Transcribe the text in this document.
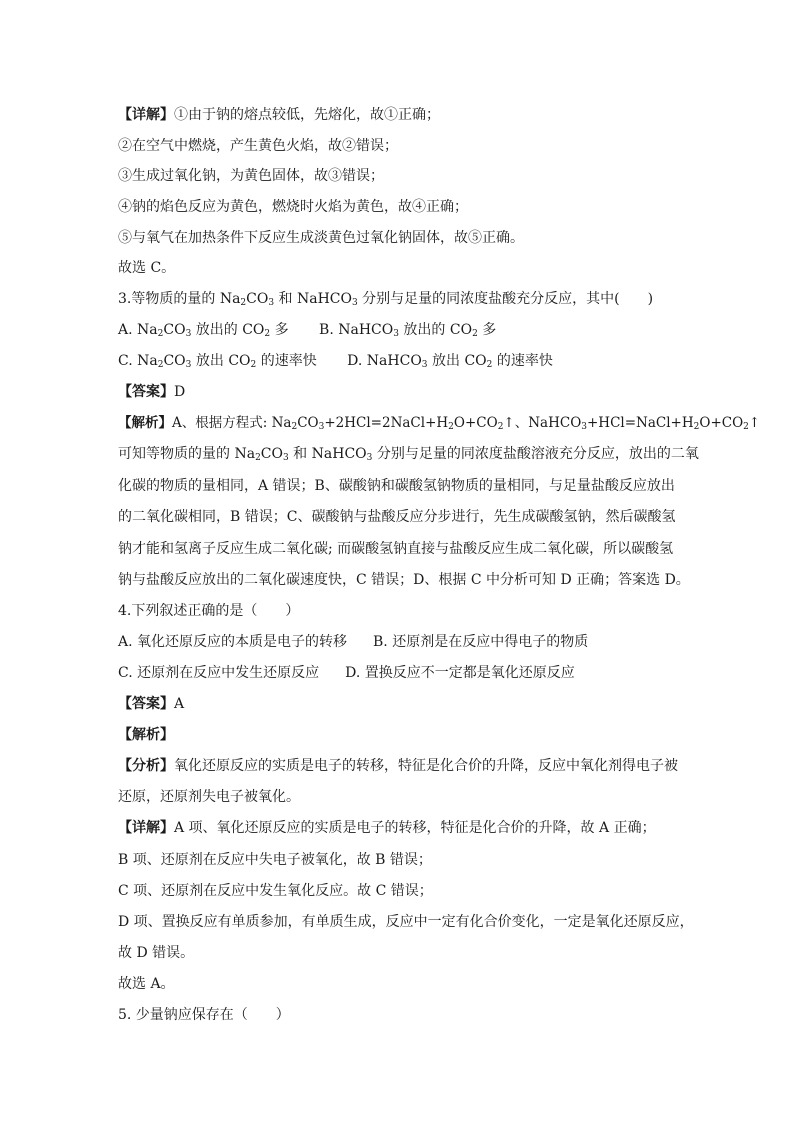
【详解】①由于钠的熔点较低，先熔化，故①正确；
②在空气中燃烧，产生黄色火焰，故②错误；
③生成过氧化钠，为黄色固体，故③错误；
④钠的焰色反应为黄色，燃烧时火焰为黄色，故④正确；
⑤与氧气在加热条件下反应生成淡黄色过氧化钠固体，故⑤正确。
故选 C。
3.等物质的量的 $Na_2CO_3$ 和 NaHCO$_3$ 分别与足量的同浓度盐酸充分反应，其中(　　)
A. $Na_2CO_3$ 放出的 $CO_2$ 多 B. NaHCO$_3$ 放出的 $CO_2$ 多
C. $Na_2CO_3$ 放出 $CO_2$ 的速率快 D. NaHCO$_3$ 放出 $CO_2$ 的速率快
【答案】D
【解析】A、根据方程式: $Na_2CO_3+2HCl=2NaCl+H_2O+CO_2↑$、$NaHCO_3+HCl=NaCl+H_2O+CO_2↑$
可知等物质的量的 $Na_2CO_3$ 和 NaHCO$_3$ 分别与足量的同浓度盐酸溶液充分反应，放出的二氧
化碳的物质的量相同，A 错误；B、碳酸钠和碳酸氢钠物质的量相同，与足量盐酸反应放出
的二氧化碳相同，B 错误；C、碳酸钠与盐酸反应分步进行，先生成碳酸氢钠，然后碳酸氢
钠才能和氢离子反应生成二氧化碳; 而碳酸氢钠直接与盐酸反应生成二氧化碳，所以碳酸氢
钠与盐酸反应放出的二氧化碳速度快，C 错误；D、根据 C 中分析可知 D 正确；答案选 D。
4.下列叙述正确的是（　　）
A. 氧化还原反应的本质是电子的转移 B. 还原剂是在反应中得电子的物质
C. 还原剂在反应中发生还原反应 D. 置换反应不一定都是氧化还原反应
【答案】A
【解析】
【分析】氧化还原反应的实质是电子的转移，特征是化合价的升降，反应中氧化剂得电子被
还原，还原剂失电子被氧化。
【详解】A 项、氧化还原反应的实质是电子的转移，特征是化合价的升降，故 A 正确；
B 项、还原剂在反应中失电子被氧化，故 B 错误；
C 项、还原剂在反应中发生氧化反应。故 C 错误；
D 项、置换反应有单质参加，有单质生成，反应中一定有化合价变化，一定是氧化还原反应，
故 D 错误。
故选 A。
5. 少量钠应保存在（　　）
